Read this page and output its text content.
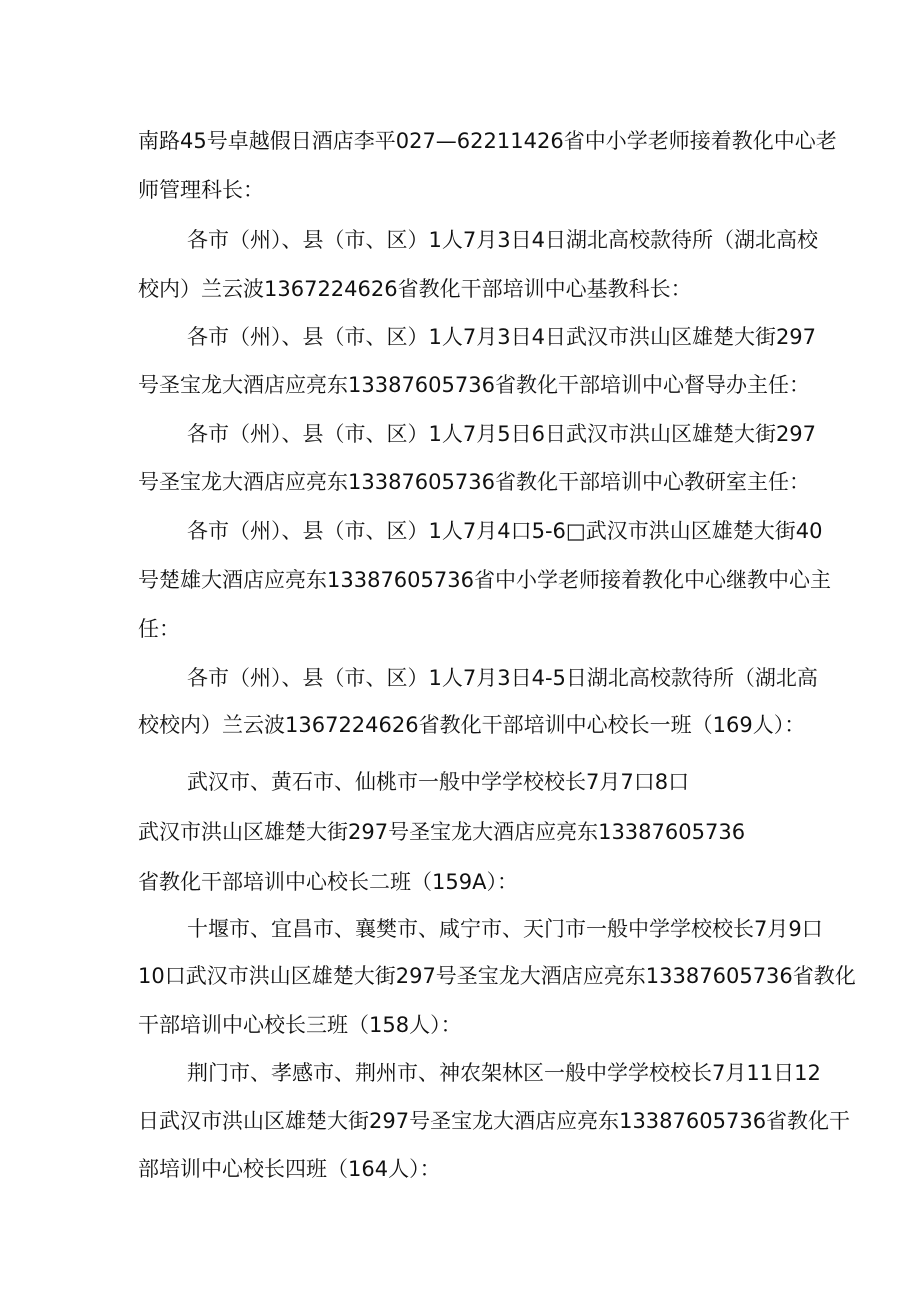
南路45号卓越假日酒店李平027—62211426省中小学老师接着教化中心老
师管理科长：
各市（州）、县（市、区）1人7月3日4日湖北高校款待所（湖北高校
校内）兰云波1367224626省教化干部培训中心基教科长：
各市（州）、县（市、区）1人7月3日4日武汉市洪山区雄楚大街297
号圣宝龙大酒店应亮东13387605736省教化干部培训中心督导办主任：
各市（州）、县（市、区）1人7月5日6日武汉市洪山区雄楚大街297
号圣宝龙大酒店应亮东13387605736省教化干部培训中心教研室主任：
各市（州）、县（市、区）1人7月4口5-6□武汉市洪山区雄楚大街40
号楚雄大酒店应亮东13387605736省中小学老师接着教化中心继教中心主
任：
各市（州）、县（市、区）1人7月3日4-5日湖北高校款待所（湖北高
校校内）兰云波1367224626省教化干部培训中心校长一班（169人）：
武汉市、黄石市、仙桃市一般中学学校校长7月7口8口
武汉市洪山区雄楚大街297号圣宝龙大酒店应亮东13387605736
省教化干部培训中心校长二班（159A）：
十堰市、宜昌市、襄樊市、咸宁市、天门市一般中学学校校长7月9口
10口武汉市洪山区雄楚大街297号圣宝龙大酒店应亮东13387605736省教化
干部培训中心校长三班（158人）：
荆门市、孝感市、荆州市、神农架林区一般中学学校校长7月11日12
日武汉市洪山区雄楚大街297号圣宝龙大酒店应亮东13387605736省教化干
部培训中心校长四班（164人）：
